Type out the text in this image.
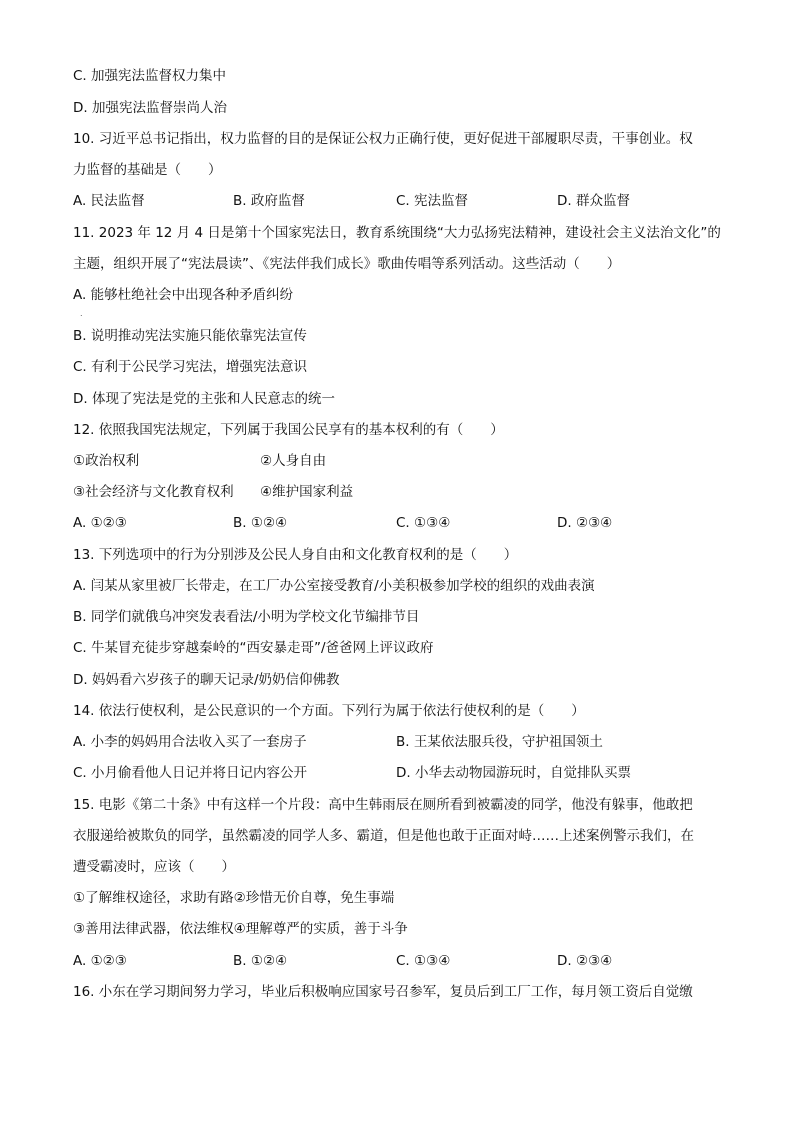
C. 加强宪法监督权力集中
D. 加强宪法监督崇尚人治
10. 习近平总书记指出，权力监督的目的是保证公权力正确行使，更好促进干部履职尽责，干事创业。权
力监督的基础是（　　）
A. 民法监督	B. 政府监督	C. 宪法监督	D. 群众监督
11. 2023 年 12 月 4 日是第十个国家宪法日，教育系统围绕“大力弘扬宪法精神，建设社会主义法治文化”的
主题，组织开展了“宪法晨读”、《宪法伴我们成长》歌曲传唱等系列活动。这些活动（　　）
A. 能够杜绝社会中出现各种矛盾纠纷
.
B. 说明推动宪法实施只能依靠宪法宣传
C. 有利于公民学习宪法，增强宪法意识
D. 体现了宪法是党的主张和人民意志的统一
12. 依照我国宪法规定，下列属于我国公民享有的基本权利的有（　　）
①政治权利	②人身自由
③社会经济与文化教育权利 ④维护国家利益
A. ①②③	B. ①②④	C. ①③④	D. ②③④
13. 下列选项中的行为分别涉及公民人身自由和文化教育权利的是（　　）
A. 闫某从家里被厂长带走，在工厂办公室接受教育/小美积极参加学校的组织的戏曲表演
B. 同学们就俄乌冲突发表看法/小明为学校文化节编排节目
C. 牛某冒充徒步穿越秦岭的“西安暴走哥”/爸爸网上评议政府
D. 妈妈看六岁孩子的聊天记录/奶奶信仰佛教
14. 依法行使权利，是公民意识的一个方面。下列行为属于依法行使权利的是（　　）
A. 小李的妈妈用合法收入买了一套房子	B. 王某依法服兵役，守护祖国领土
C. 小月偷看他人日记并将日记内容公开	D. 小华去动物园游玩时，自觉排队买票
15. 电影《第二十条》中有这样一个片段：高中生韩雨辰在厕所看到被霸凌的同学，他没有躲事，他敢把
衣服递给被欺负的同学，虽然霸凌的同学人多、霸道，但是他也敢于正面对峙……上述案例警示我们，在
遭受霸凌时，应该（　　）
①了解维权途径，求助有路②珍惜无价自尊，免生事端
③善用法律武器，依法维权④理解尊严的实质，善于斗争
A. ①②③	B. ①②④	C. ①③④	D. ②③④
16. 小东在学习期间努力学习，毕业后积极响应国家号召参军，复员后到工厂工作，每月领工资后自觉缴
